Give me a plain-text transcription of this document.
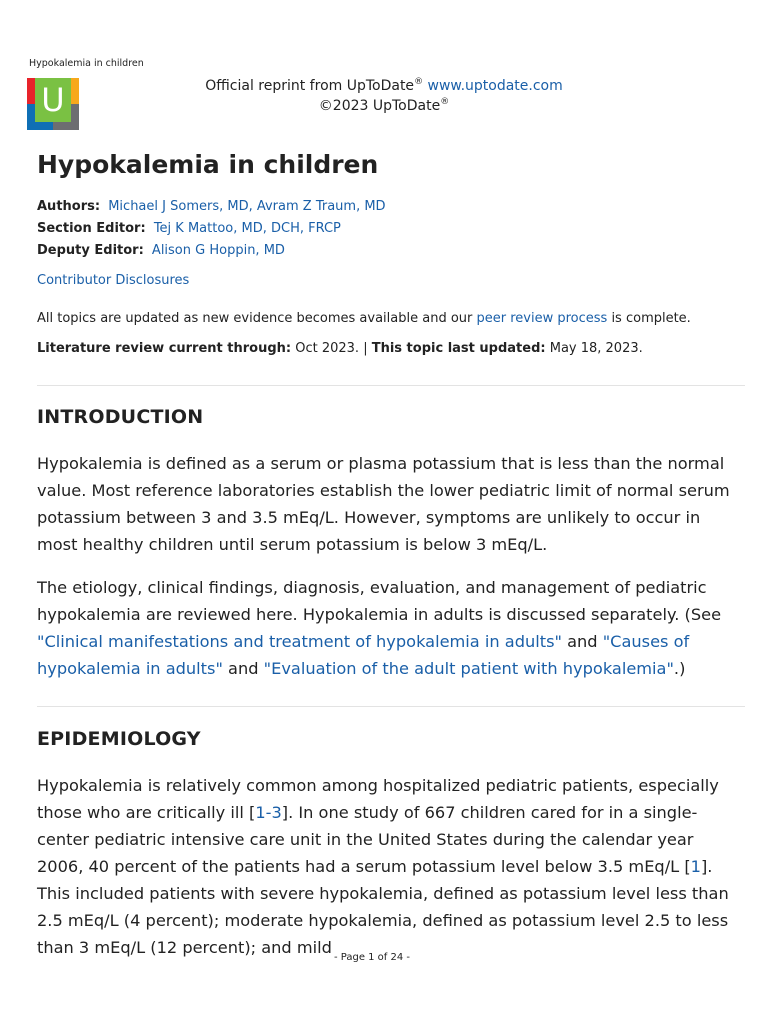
Hypokalemia in children
U	Official reprint from UpToDate® www.uptodate.com
©2023 UpToDate®
Hypokalemia in children
Authors: Michael J Somers, MD, Avram Z Traum, MD
Section Editor: Tej K Mattoo, MD, DCH, FRCP
Deputy Editor: Alison G Hoppin, MD
Contributor Disclosures
All topics are updated as new evidence becomes available and our peer review process is complete.
Literature review current through: Oct 2023. | This topic last updated: May 18, 2023.
INTRODUCTION

Hypokalemia is defined as a serum or plasma potassium that is less than the normal value. Most reference laboratories establish the lower pediatric limit of normal serum potassium between 3 and 3.5 mEq/L. However, symptoms are unlikely to occur in most healthy children until serum potassium is below 3 mEq/L.

The etiology, clinical findings, diagnosis, evaluation, and management of pediatric hypokalemia are reviewed here. Hypokalemia in adults is discussed separately. (See "Clinical manifestations and treatment of hypokalemia in adults" and "Causes of hypokalemia in adults" and "Evaluation of the adult patient with hypokalemia".)

EPIDEMIOLOGY

Hypokalemia is relatively common among hospitalized pediatric patients, especially those who are critically ill [1-3]. In one study of 667 children cared for in a single-center pediatric intensive care unit in the United States during the calendar year 2006, 40 percent of the patients had a serum potassium level below 3.5 mEq/L [1]. This included patients with severe hypokalemia, defined as potassium level less than 2.5 mEq/L (4 percent); moderate hypokalemia, defined as potassium level 2.5 to less than 3 mEq/L (12 percent); and mild

- Page 1 of 24 -
